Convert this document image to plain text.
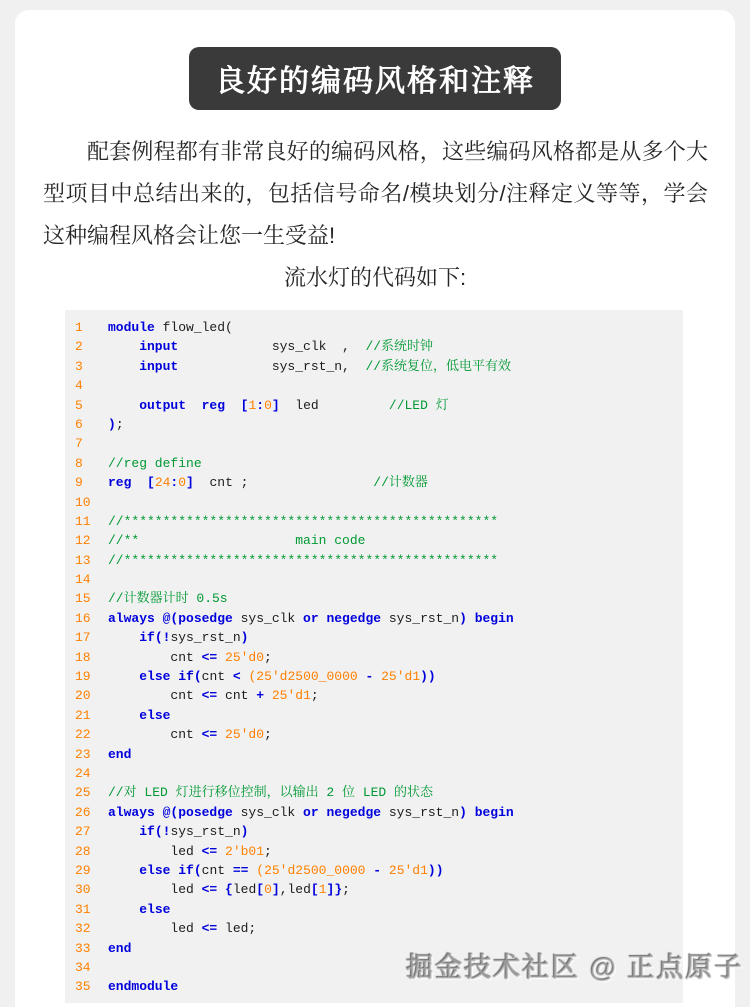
良好的编码风格和注释

配套例程都有非常良好的编码风格，这些编码风格都是从多个大型项目中总结出来的，包括信号命名/模块划分/注释定义等等，学会这种编程风格会让您一生受益!

流水灯的代码如下:
1	module flow_led(
2	input            sys_clk  ,  //系统时钟
3	input            sys_rst_n,  //系统复位，低电平有效
4
5	output  reg  [1:0]  led         //LED 灯
6	);
7
8	//reg define
9	reg  [24:0]  cnt ;                //计数器
10
11	//************************************************
12	//**                    main code
13	//************************************************
14
15	//计数器计时 0.5s
16	always @(posedge sys_clk or negedge sys_rst_n) begin
17	if(!sys_rst_n)
18	cnt <= 25'd0;
19	else if(cnt < (25'd2500_0000 - 25'd1))
20	cnt <= cnt + 25'd1;
21	else
22	cnt <= 25'd0;
23	end
24
25	//对 LED 灯进行移位控制，以输出 2 位 LED 的状态
26	always @(posedge sys_clk or negedge sys_rst_n) begin
27	if(!sys_rst_n)
28	led <= 2'b01;
29	else if(cnt == (25'd2500_0000 - 25'd1))
30	led <= {led[0],led[1]};
31	else
32	led <= led;
33	end
34
35	endmodule
掘金技术社区 @ 正点原子
